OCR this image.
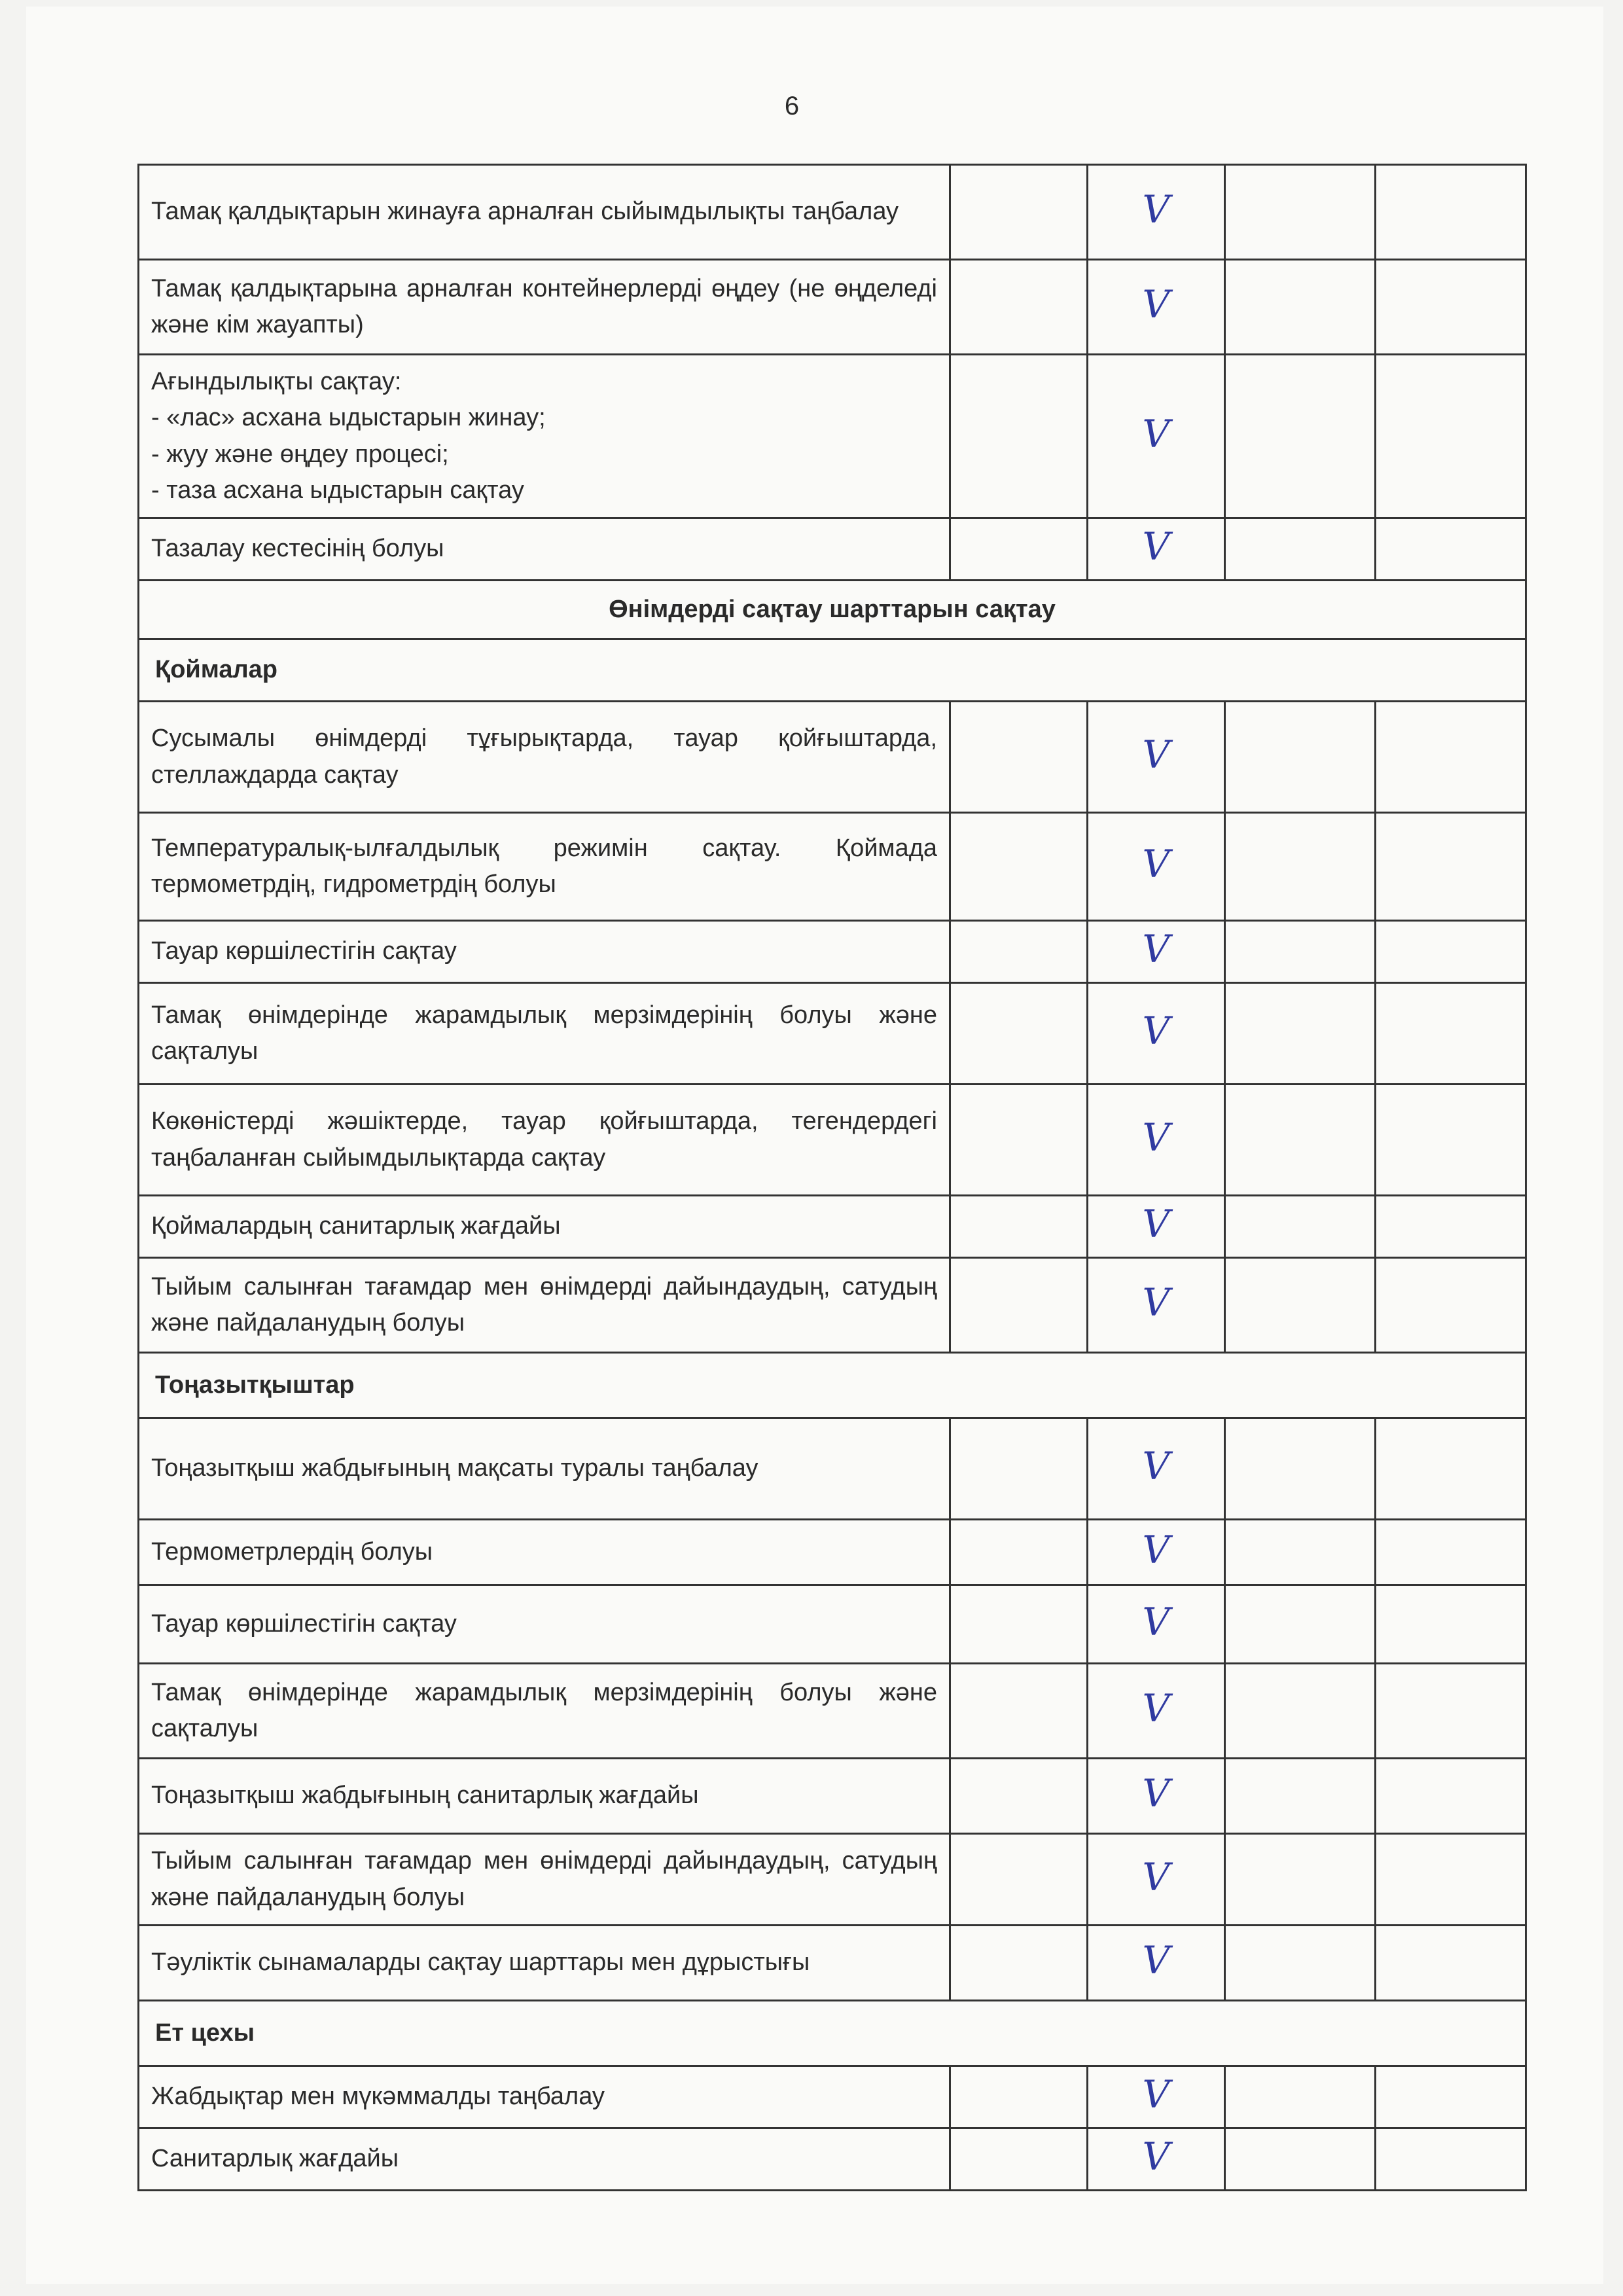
6
Тамақ қалдықтарын жинауға арналған сыйымдылықты таңбалау		V		

Тамақ қалдықтарына арналған контейнерлерді өңдеу (не өңделеді және кім жауапты)		V		

Ағындылықты сақтау:
- «лас» асхана ыдыстарын жинау;
- жуу және өңдеу процесі;
- таза асхана ыдыстарын сақтау		V		

Тазалау кестесінің болуы		V		
Өнімдерді сақтау шарттарын сақтау				
Қоймалар				

Сусымалы өнімдерді тұғырықтарда, тауар қойғыштарда, стеллаждарда сақтау		V		

Температуралық-ылғалдылық режимін сақтау. Қоймада термометрдің, гидрометрдің болуы		V		

Тауар көршілестігін сақтау		V		

Тамақ өнімдерінде жарамдылық мерзімдерінің болуы және сақталуы		V		

Көкөністерді жәшіктерде, тауар қойғыштарда, тегендердегі таңбаланған сыйымдылықтарда сақтау		V		

Қоймалардың санитарлық жағдайы		V		

Тыйым салынған тағамдар мен өнімдерді дайындаудың, сатудың және пайдаланудың болуы		V		
Тоңазытқыштар				

Тоңазытқыш жабдығының мақсаты туралы таңбалау		V		

Термометрлердің болуы		V		

Тауар көршілестігін сақтау		V		

Тамақ өнімдерінде жарамдылық мерзімдерінің болуы және сақталуы		V		

Тоңазытқыш жабдығының санитарлық жағдайы		V		

Тыйым салынған тағамдар мен өнімдерді дайындаудың, сатудың және пайдаланудың болуы		V		

Тәуліктік сынамаларды сақтау шарттары мен дұрыстығы		V		
Ет цехы				

Жабдықтар мен мүкәммалды таңбалау		V		

Санитарлық жағдайы		V		
